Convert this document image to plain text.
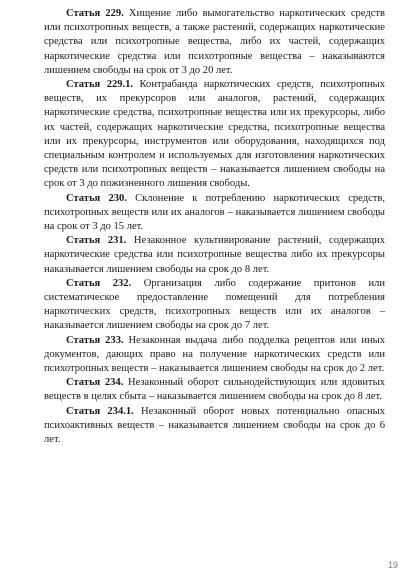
Статья 229. Хищение либо вымогательство наркотических средств или психотропных веществ, а также растений, содержащих наркотические средства или психотропные вещества, либо их частей, содержащих наркотические средства или психотропные вещества – наказываются лишением свободы на срок от 3 до 20 лет.

Статья 229.1. Контрабанда наркотических средств, психотропных веществ, их прекурсоров или аналогов, растений, содержащих наркотические средства, психотропные вещества или их прекурсоры, либо их частей, содержащих наркотические средства, психотропные вещества или их прекурсоры, инструментов или оборудования, находящихся под специальным контролем и используемых для изготовления наркотических средств или психотропных веществ – наказывается лишением свободы на срок от 3 до пожизненного лишения свободы.

Статья 230. Склонение к потреблению наркотических средств, психотропных веществ или их аналогов – наказывается лишением свободы на срок от 3 до 15 лет.

Статья 231. Незаконное культивирование растений, содержащих наркотические средства или психотропные вещества либо их прекурсоры наказывается лишением свободы на срок до 8 лет.

Статья 232. Организация либо содержание притонов или систематическое предоставление помещений для потребления наркотических средств, психотропных веществ или их аналогов – наказывается лишением свободы на срок до 7 лет.

Статья 233. Незаконная выдача либо подделка рецептов или иных документов, дающих право на получение наркотических средств или психотропных веществ – наказывается лишением свободы на срок до 2 лет.

Статья 234. Незаконный оборот сильнодействующих или ядовитых веществ в целях сбыта – наказывается лишением свободы на срок до 8 лет.

Статья 234.1. Незаконный оборот новых потенциально опасных психоактивных веществ – наказывается лишением свободы на срок до 6 лет.

19
